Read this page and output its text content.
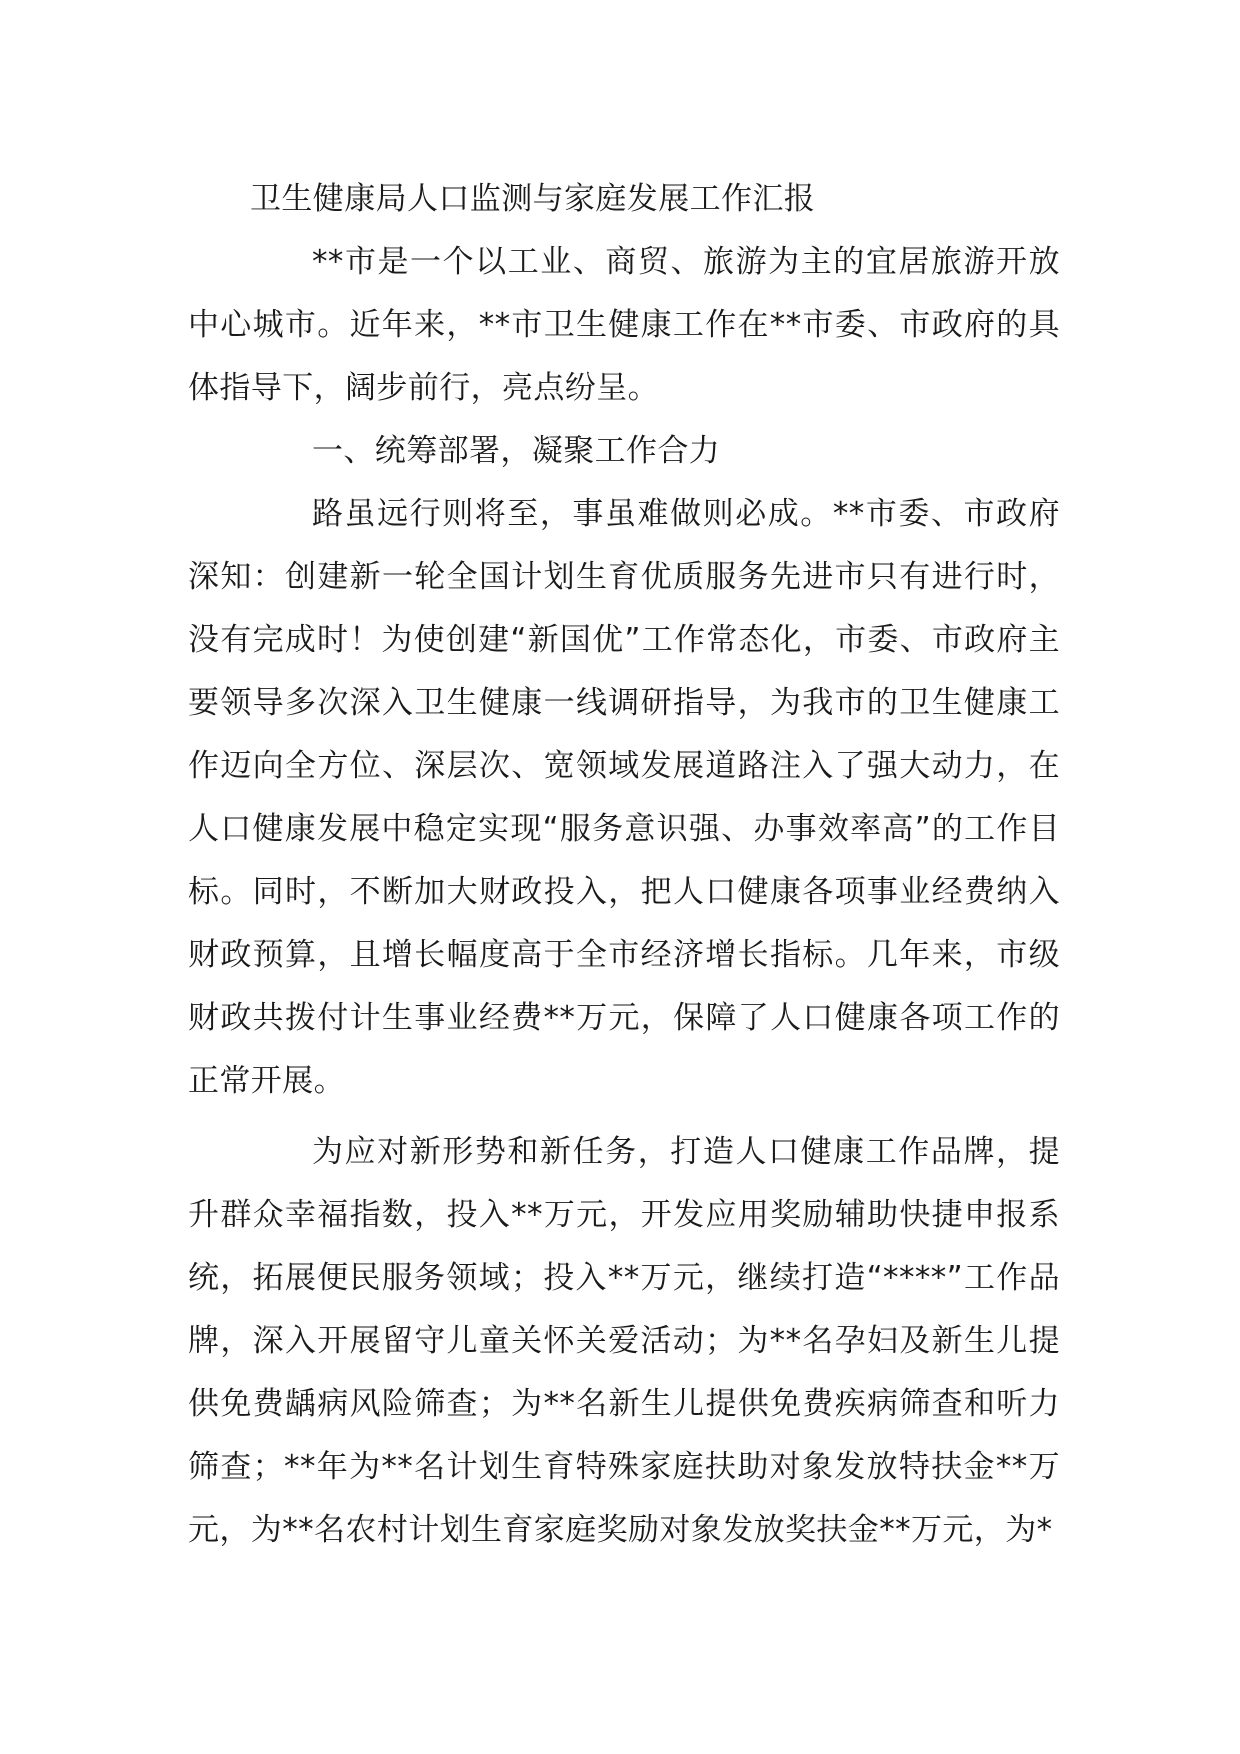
卫生健康局人口监测与家庭发展工作汇报

**市是一个以工业、商贸、旅游为主的宜居旅游开放中心城市。近年来，**市卫生健康工作在**市委、市政府的具体指导下，阔步前行，亮点纷呈。

一、统筹部署，凝聚工作合力

路虽远行则将至，事虽难做则必成。**市委、市政府深知：创建新一轮全国计划生育优质服务先进市只有进行时，没有完成时！为使创建“新国优”工作常态化，市委、市政府主要领导多次深入卫生健康一线调研指导，为我市的卫生健康工作迈向全方位、深层次、宽领域发展道路注入了强大动力，在人口健康发展中稳定实现“服务意识强、办事效率高”的工作目标。同时，不断加大财政投入，把人口健康各项事业经费纳入财政预算，且增长幅度高于全市经济增长指标。几年来，市级财政共拨付计生事业经费**万元，保障了人口健康各项工作的正常开展。

为应对新形势和新任务，打造人口健康工作品牌，提升群众幸福指数，投入**万元，开发应用奖励辅助快捷申报系统，拓展便民服务领域；投入**万元，继续打造“****”工作品牌，深入开展留守儿童关怀关爱活动；为**名孕妇及新生儿提供免费龋病风险筛查；为**名新生儿提供免费疾病筛查和听力筛查；**年为**名计划生育特殊家庭扶助对象发放特扶金**万元，为**名农村计划生育家庭奖励对象发放奖扶金**万元，为*
